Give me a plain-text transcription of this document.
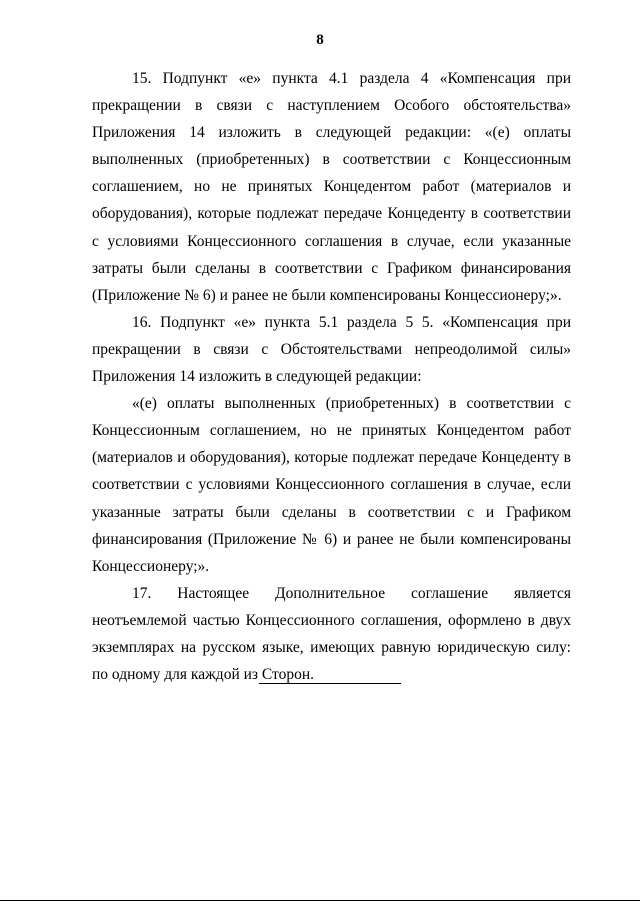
8

15. Подпункт «е» пункта 4.1 раздела 4 «Компенсация при прекращении в связи с наступлением Особого обстоятельства» Приложения 14 изложить в следующей редакции: «(е) оплаты выполненных (приобретенных) в соответствии с Концессионным соглашением, но не принятых Концедентом работ (материалов и оборудования), которые подлежат передаче Концеденту в соответствии с условиями Концессионного соглашения в случае, если указанные затраты были сделаны в соответствии с Графиком финансирования (Приложение № 6) и ранее не были компенсированы Концессионеру;».

16. Подпункт «е» пункта 5.1 раздела 5 5. «Компенсация при прекращении в связи с Обстоятельствами непреодолимой силы» Приложения 14 изложить в следующей редакции:

«(е) оплаты выполненных (приобретенных) в соответствии с Концессионным соглашением, но не принятых Концедентом работ (материалов и оборудования), которые подлежат передаче Концеденту в соответствии с условиями Концессионного соглашения в случае, если указанные затраты были сделаны в соответствии с и Графиком финансирования (Приложение № 6) и ранее не были компенсированы Концессионеру;».

17. Настоящее Дополнительное соглашение является неотъемлемой частью Концессионного соглашения, оформлено в двух экземплярах на русском языке, имеющих равную юридическую силу: по одному для каждой из Сторон.
